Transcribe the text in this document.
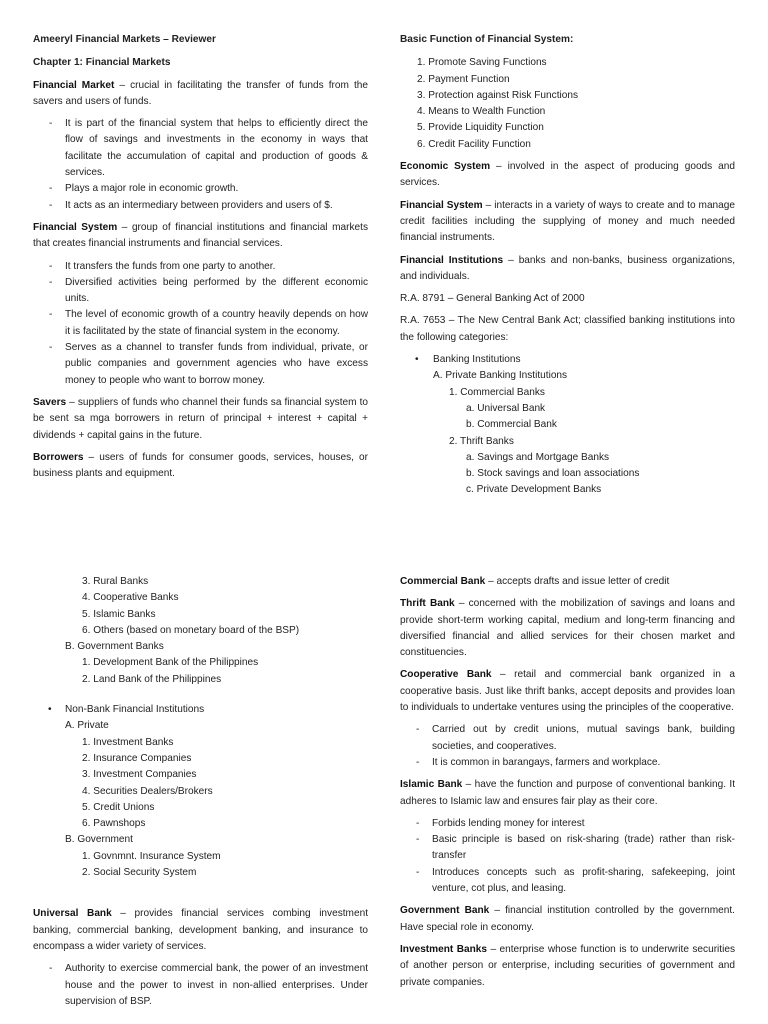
Ameeryl Financial Markets – Reviewer

Chapter 1: Financial Markets

Financial Market – crucial in facilitating the transfer of funds from the savers and users of funds.

- It is part of the financial system that helps to efficiently direct the flow of savings and investments in the economy in ways that facilitate the accumulation of capital and production of goods & services.
- Plays a major role in economic growth.
- It acts as an intermediary between providers and users of $.

Financial System – group of financial institutions and financial markets that creates financial instruments and financial services.

- It transfers the funds from one party to another.
- Diversified activities being performed by the different economic units.
- The level of economic growth of a country heavily depends on how it is facilitated by the state of financial system in the economy.
- Serves as a channel to transfer funds from individual, private, or public companies and government agencies who have excess money to people who want to borrow money.

Savers – suppliers of funds who channel their funds sa financial system to be sent sa mga borrowers in return of principal + interest + capital + dividends + capital gains in the future.

Borrowers – users of funds for consumer goods, services, houses, or business plants and equipment.

Basic Function of Financial System:

1. Promote Saving Functions
2. Payment Function
3. Protection against Risk Functions
4. Means to Wealth Function
5. Provide Liquidity Function
6. Credit Facility Function

Economic System – involved in the aspect of producing goods and services.

Financial System – interacts in a variety of ways to create and to manage credit facilities including the supplying of money and much needed financial instruments.

Financial Institutions – banks and non-banks, business organizations, and individuals.

R.A. 8791 – General Banking Act of 2000

R.A. 7653 – The New Central Bank Act; classified banking institutions into the following categories:

• Banking Institutions
A. Private Banking Institutions
1. Commercial Banks
a. Universal Bank
b. Commercial Bank
2. Thrift Banks
a. Savings and Mortgage Banks
b. Stock savings and loan associations
c. Private Development Banks
3. Rural Banks
4. Cooperative Banks
5. Islamic Banks
6. Others (based on monetary board of the BSP)
B. Government Banks
1. Development Bank of the Philippines
2. Land Bank of the Philippines
• Non-Bank Financial Institutions
A. Private
1. Investment Banks
2. Insurance Companies
3. Investment Companies
4. Securities Dealers/Brokers
5. Credit Unions
6. Pawnshops
B. Government
1. Govnmnt. Insurance System
2. Social Security System

Universal Bank – provides financial services combing investment banking, commercial banking, development banking, and insurance to encompass a wider variety of services.

- Authority to exercise commercial bank, the power of an investment house and the power to invest in non-allied enterprises. Under supervision of BSP.

Commercial Bank – accepts drafts and issue letter of credit

Thrift Bank – concerned with the mobilization of savings and loans and provide short-term working capital, medium and long-term financing and diversified financial and allied services for their chosen market and constituencies.

Cooperative Bank – retail and commercial bank organized in a cooperative basis. Just like thrift banks, accept deposits and provides loan to individuals to undertake ventures using the principles of the cooperative.

- Carried out by credit unions, mutual savings bank, building societies, and cooperatives.
- It is common in barangays, farmers and workplace.

Islamic Bank – have the function and purpose of conventional banking. It adheres to Islamic law and ensures fair play as their core.

- Forbids lending money for interest
- Basic principle is based on risk-sharing (trade) rather than risk-transfer
- Introduces concepts such as profit-sharing, safekeeping, joint venture, cot plus, and leasing.

Government Bank – financial institution controlled by the government. Have special role in economy.

Investment Banks – enterprise whose function is to underwrite securities of another person or enterprise, including securities of government and private companies.
